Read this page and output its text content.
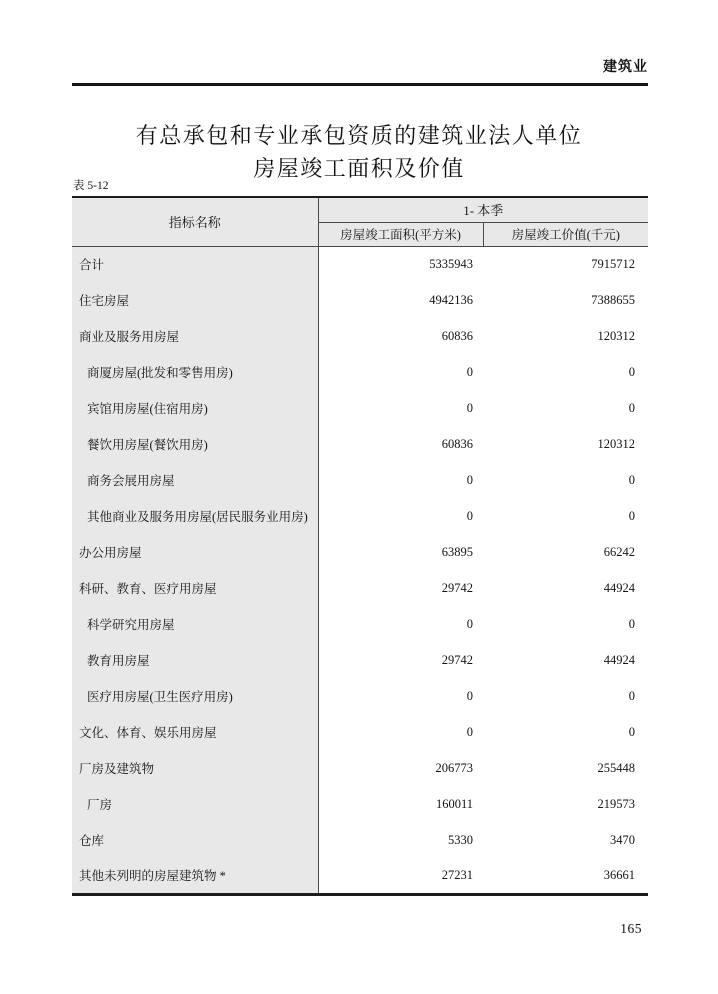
建筑业
有总承包和专业承包资质的建筑业法人单位
房屋竣工面积及价值
表 5-12
指标名称	1- 本季	
	房屋竣工面积(平方米)	房屋竣工价值(千元)
合计	5335943	7915712
住宅房屋	4942136	7388655
商业及服务用房屋	60836	120312
商厦房屋(批发和零售用房)	0	0
宾馆用房屋(住宿用房)	0	0
餐饮用房屋(餐饮用房)	60836	120312
商务会展用房屋	0	0
其他商业及服务用房屋(居民服务业用房)	0	0
办公用房屋	63895	66242
科研、教育、医疗用房屋	29742	44924
科学研究用房屋	0	0
教育用房屋	29742	44924
医疗用房屋(卫生医疗用房)	0	0
文化、体育、娱乐用房屋	0	0
厂房及建筑物	206773	255448
厂房	160011	219573
仓库	5330	3470
其他未列明的房屋建筑物 *	27231	36661
165
